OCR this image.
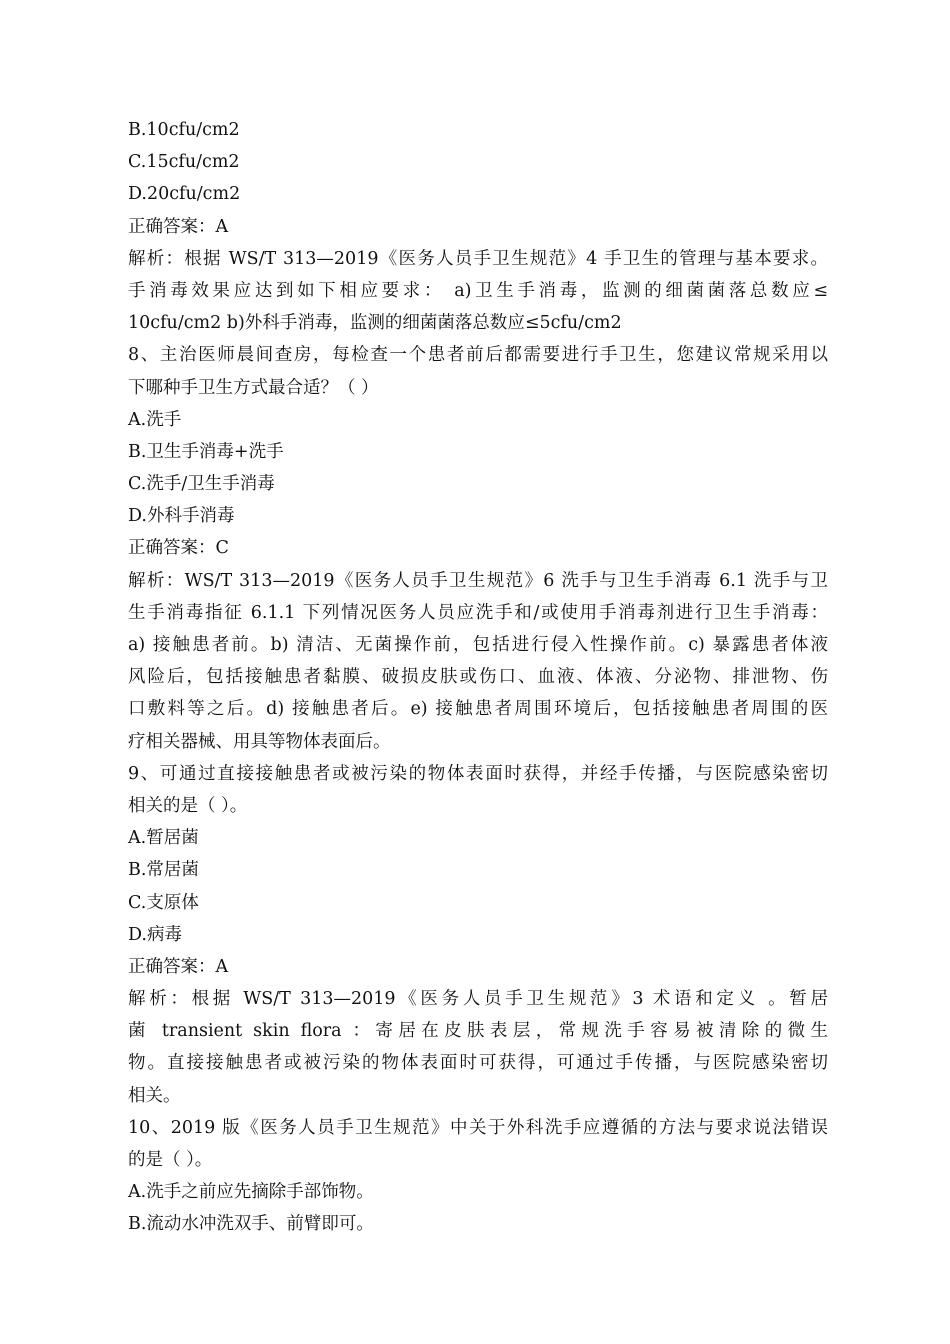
B.10cfu/cm2
C.15cfu/cm2
D.20cfu/cm2
正确答案：A
解析：根据 WS/T 313—2019《医务人员手卫生规范》4 手卫生的管理与基本要求。
手消毒效果应达到如下相应要求： a)卫生手消毒，监测的细菌菌落总数应≤
10cfu/cm2 b)外科手消毒，监测的细菌菌落总数应≤5cfu/cm2
8、主治医师晨间查房，每检查一个患者前后都需要进行手卫生，您建议常规采用以
下哪种手卫生方式最合适？（ ）
A.洗手
B.卫生手消毒+洗手
C.洗手/卫生手消毒
D.外科手消毒
正确答案：C
解析：WS/T 313—2019《医务人员手卫生规范》6 洗手与卫生手消毒 6.1 洗手与卫
生手消毒指征 6.1.1 下列情况医务人员应洗手和/或使用手消毒剂进行卫生手消毒：
a) 接触患者前。b) 清洁、无菌操作前，包括进行侵入性操作前。c) 暴露患者体液
风险后，包括接触患者黏膜、破损皮肤或伤口、血液、体液、分泌物、排泄物、伤
口敷料等之后。d) 接触患者后。e) 接触患者周围环境后，包括接触患者周围的医
疗相关器械、用具等物体表面后。
9、可通过直接接触患者或被污染的物体表面时获得，并经手传播，与医院感染密切
相关的是（ ）。
A.暂居菌
B.常居菌
C.支原体
D.病毒
正确答案：A
解析：根据 WS/T 313—2019《医务人员手卫生规范》3 术语和定义 。暂居
菌 transient skin flora ：寄居在皮肤表层，常规洗手容易被清除的微生
物。直接接触患者或被污染的物体表面时可获得，可通过手传播，与医院感染密切
相关。
10、2019 版《医务人员手卫生规范》中关于外科洗手应遵循的方法与要求说法错误
的是（ ）。
A.洗手之前应先摘除手部饰物。
B.流动水冲洗双手、前臂即可。
